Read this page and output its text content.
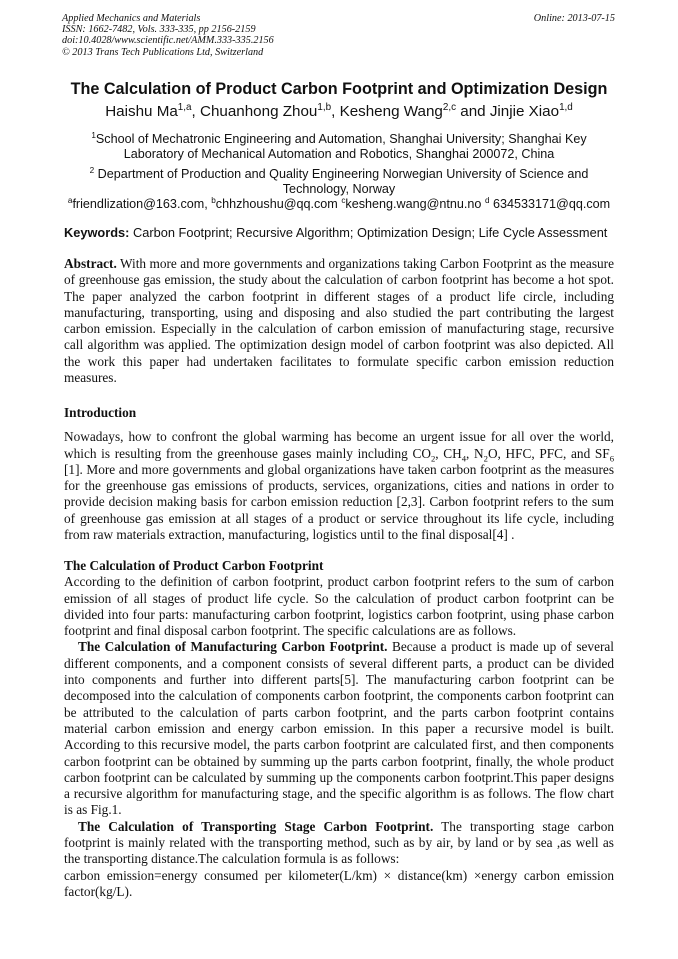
Applied Mechanics and Materials
ISSN: 1662-7482, Vols. 333-335, pp 2156-2159
doi:10.4028/www.scientific.net/AMM.333-335.2156
© 2013 Trans Tech Publications Ltd, Switzerland
Online: 2013-07-15
The Calculation of Product Carbon Footprint and Optimization Design
Haishu Ma$^{1,a}$, Chuanhong Zhou$^{1,b}$, Kesheng Wang$^{2,c}$ and Jinjie Xiao$^{1,d}$
$^1$School of Mechatronic Engineering and Automation, Shanghai University; Shanghai Key
Laboratory of Mechanical Automation and Robotics, Shanghai 200072, China
$^2$ Department of Production and Quality Engineering Norwegian University of Science and
Technology, Norway
$^a$friendlization@163.com, $^b$chhzhoushu@qq.com $^c$kesheng.wang@ntnu.no $^d$ 634533171@qq.com
Keywords: Carbon Footprint; Recursive Algorithm; Optimization Design; Life Cycle Assessment

Abstract. With more and more governments and organizations taking Carbon Footprint as the measure of greenhouse gas emission, the study about the calculation of carbon footprint has become a hot spot. The paper analyzed the carbon footprint in different stages of a product life circle, including manufacturing, transporting, using and disposing and also studied the part contributing the largest carbon emission. Especially in the calculation of carbon emission of manufacturing stage, recursive call algorithm was applied. The optimization design model of carbon footprint was also depicted. All the work this paper had undertaken facilitates to formulate specific carbon emission reduction measures.

Introduction

Nowadays, how to confront the global warming has become an urgent issue for all over the world, which is resulting from the greenhouse gases mainly including $CO_2$, $CH_4$, $N_2O$, HFC, PFC, and $SF_6$ [1]. More and more governments and global organizations have taken carbon footprint as the measures for the greenhouse gas emissions of products, services, organizations, cities and nations in order to provide decision making basis for carbon emission reduction [2,3]. Carbon footprint refers to the sum of greenhouse gas emission at all stages of a product or service throughout its life cycle, including from raw materials extraction, manufacturing, logistics until to the final disposal[4] .

The Calculation of Product Carbon Footprint

According to the definition of carbon footprint, product carbon footprint refers to the sum of carbon emission of all stages of product life cycle. So the calculation of product carbon footprint can be divided into four parts: manufacturing carbon footprint, logistics carbon footprint, using phase carbon footprint and final disposal carbon footprint. The specific calculations are as follows.

The Calculation of Manufacturing Carbon Footprint. Because a product is made up of several different components, and a component consists of several different parts, a product can be divided into components and further into different parts[5]. The manufacturing carbon footprint can be decomposed into the calculation of components carbon footprint, the components carbon footprint can be attributed to the calculation of parts carbon footprint, and the parts carbon footprint contains material carbon emission and energy carbon emission. In this paper a recursive model is built. According to this recursive model, the parts carbon footprint are calculated first, and then components carbon footprint can be obtained by summing up the parts carbon footprint, finally, the whole product carbon footprint can be calculated by summing up the components carbon footprint.This paper designs a recursive algorithm for manufacturing stage, and the specific algorithm is as follows. The flow chart is as Fig.1.

The Calculation of Transporting Stage Carbon Footprint. The transporting stage carbon footprint is mainly related with the transporting method, such as by air, by land or by sea ,as well as the transporting distance.The calculation formula is as follows:

carbon emission=energy consumed per kilometer(L/km) × distance(km) ×energy carbon emission factor(kg/L).
